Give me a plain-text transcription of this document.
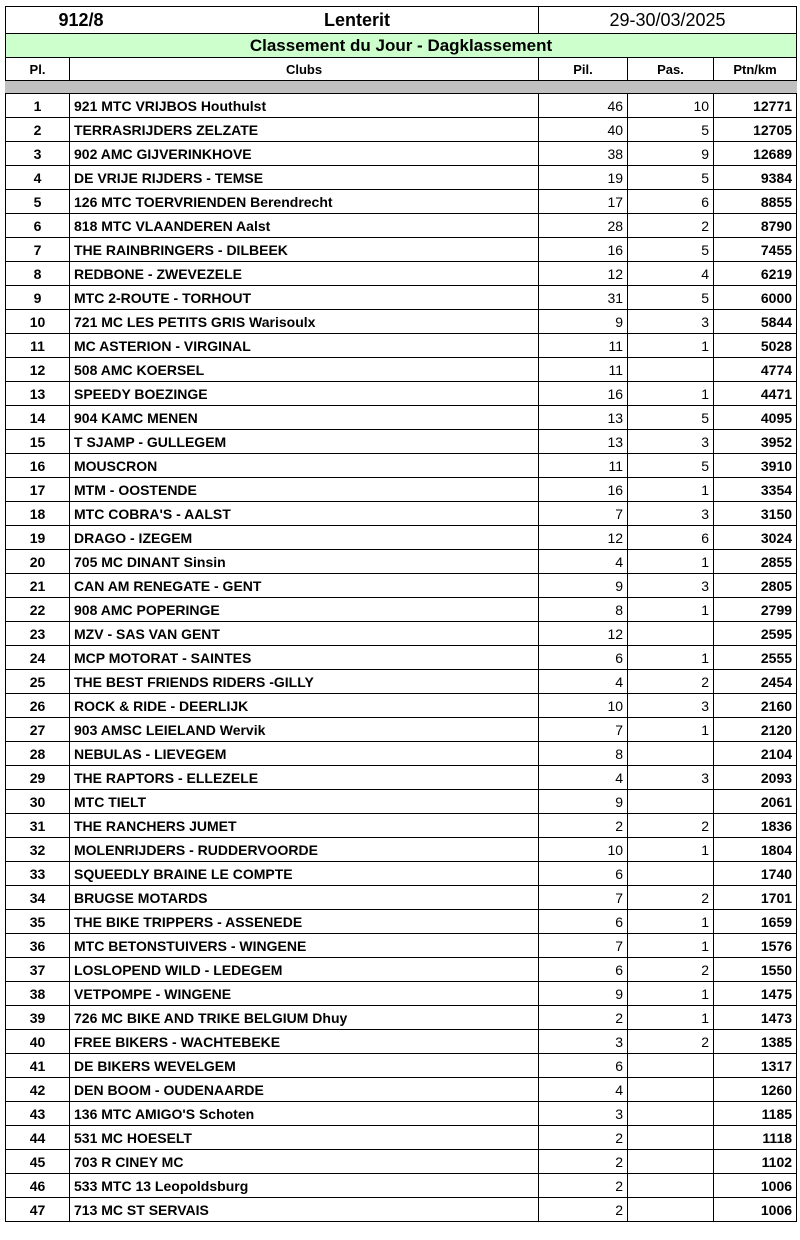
912/8 Lenterit		29-30/03/2025		
Classement du Jour - Dagklassement				
Pl.	Clubs	Pil.	Pas.	Ptn/km

1	921 MTC VRIJBOS Houthulst	46	10	12771
2	TERRASRIJDERS ZELZATE	40	5	12705
3	902 AMC GIJVERINKHOVE	38	9	12689
4	DE VRIJE RIJDERS - TEMSE	19	5	9384
5	126 MTC TOERVRIENDEN Berendrecht	17	6	8855
6	818 MTC VLAANDEREN Aalst	28	2	8790
7	THE RAINBRINGERS - DILBEEK	16	5	7455
8	REDBONE - ZWEVEZELE	12	4	6219
9	MTC 2-ROUTE - TORHOUT	31	5	6000
10	721 MC LES PETITS GRIS Warisoulx	9	3	5844
11	MC ASTERION - VIRGINAL	11	1	5028
12	508 AMC KOERSEL	11		4774
13	SPEEDY BOEZINGE	16	1	4471
14	904 KAMC MENEN	13	5	4095
15	T SJAMP - GULLEGEM	13	3	3952
16	MOUSCRON	11	5	3910
17	MTM - OOSTENDE	16	1	3354
18	MTC COBRA'S - AALST	7	3	3150
19	DRAGO - IZEGEM	12	6	3024
20	705 MC DINANT Sinsin	4	1	2855
21	CAN AM RENEGATE - GENT	9	3	2805
22	908 AMC POPERINGE	8	1	2799
23	MZV - SAS VAN GENT	12		2595
24	MCP MOTORAT - SAINTES	6	1	2555
25	THE BEST FRIENDS RIDERS -GILLY	4	2	2454
26	ROCK & RIDE - DEERLIJK	10	3	2160
27	903 AMSC LEIELAND Wervik	7	1	2120
28	NEBULAS - LIEVEGEM	8		2104
29	THE RAPTORS - ELLEZELE	4	3	2093
30	MTC TIELT	9		2061
31	THE RANCHERS JUMET	2	2	1836
32	MOLENRIJDERS - RUDDERVOORDE	10	1	1804
33	SQUEEDLY BRAINE LE COMPTE	6		1740
34	BRUGSE MOTARDS	7	2	1701
35	THE BIKE TRIPPERS - ASSENEDE	6	1	1659
36	MTC BETONSTUIVERS - WINGENE	7	1	1576
37	LOSLOPEND WILD - LEDEGEM	6	2	1550
38	VETPOMPE - WINGENE	9	1	1475
39	726 MC BIKE AND TRIKE BELGIUM Dhuy	2	1	1473
40	FREE BIKERS - WACHTEBEKE	3	2	1385
41	DE BIKERS WEVELGEM	6		1317
42	DEN BOOM - OUDENAARDE	4		1260
43	136 MTC AMIGO'S Schoten	3		1185
44	531 MC HOESELT	2		1118
45	703 R CINEY MC	2		1102
46	533 MTC 13 Leopoldsburg	2		1006
47	713 MC ST SERVAIS	2		1006
